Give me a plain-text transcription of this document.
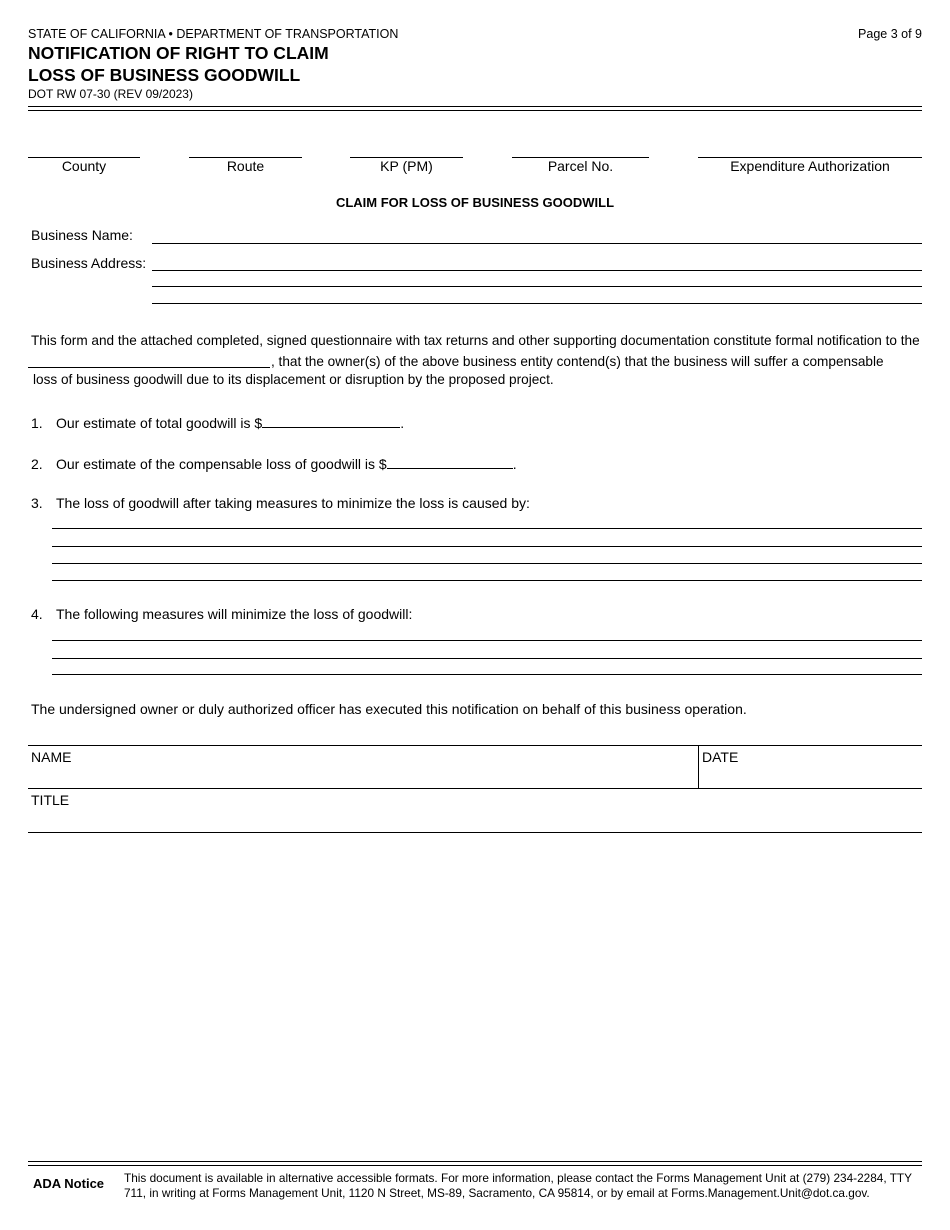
STATE OF CALIFORNIA • DEPARTMENT OF TRANSPORTATION	Page 3 of 9
NOTIFICATION OF RIGHT TO CLAIM
LOSS OF BUSINESS GOODWILL
DOT RW 07-30 (REV 09/2023)
County	Route	KP (PM)	Parcel No.	Expenditure Authorization
CLAIM FOR LOSS OF BUSINESS GOODWILL
Business Name:
Business Address:
This form and the attached completed, signed questionnaire with tax returns and other supporting documentation constitute formal notification to the
, that the owner(s) of the above business entity contend(s) that the business will suffer a compensable
loss of business goodwill due to its displacement or disruption by the proposed project.
1. Our estimate of total goodwill is $	.
2. Our estimate of the compensable loss of goodwill is $	.
3. The loss of goodwill after taking measures to minimize the loss is caused by:
4. The following measures will minimize the loss of goodwill:
The undersigned owner or duly authorized officer has executed this notification on behalf of this business operation.
NAME	DATE
TITLE
ADA Notice This document is available in alternative accessible formats. For more information, please contact the Forms Management Unit at (279) 234-2284, TTY 711, in writing at Forms Management Unit, 1120 N Street, MS-89, Sacramento, CA 95814, or by email at Forms.Management.Unit@dot.ca.gov.
